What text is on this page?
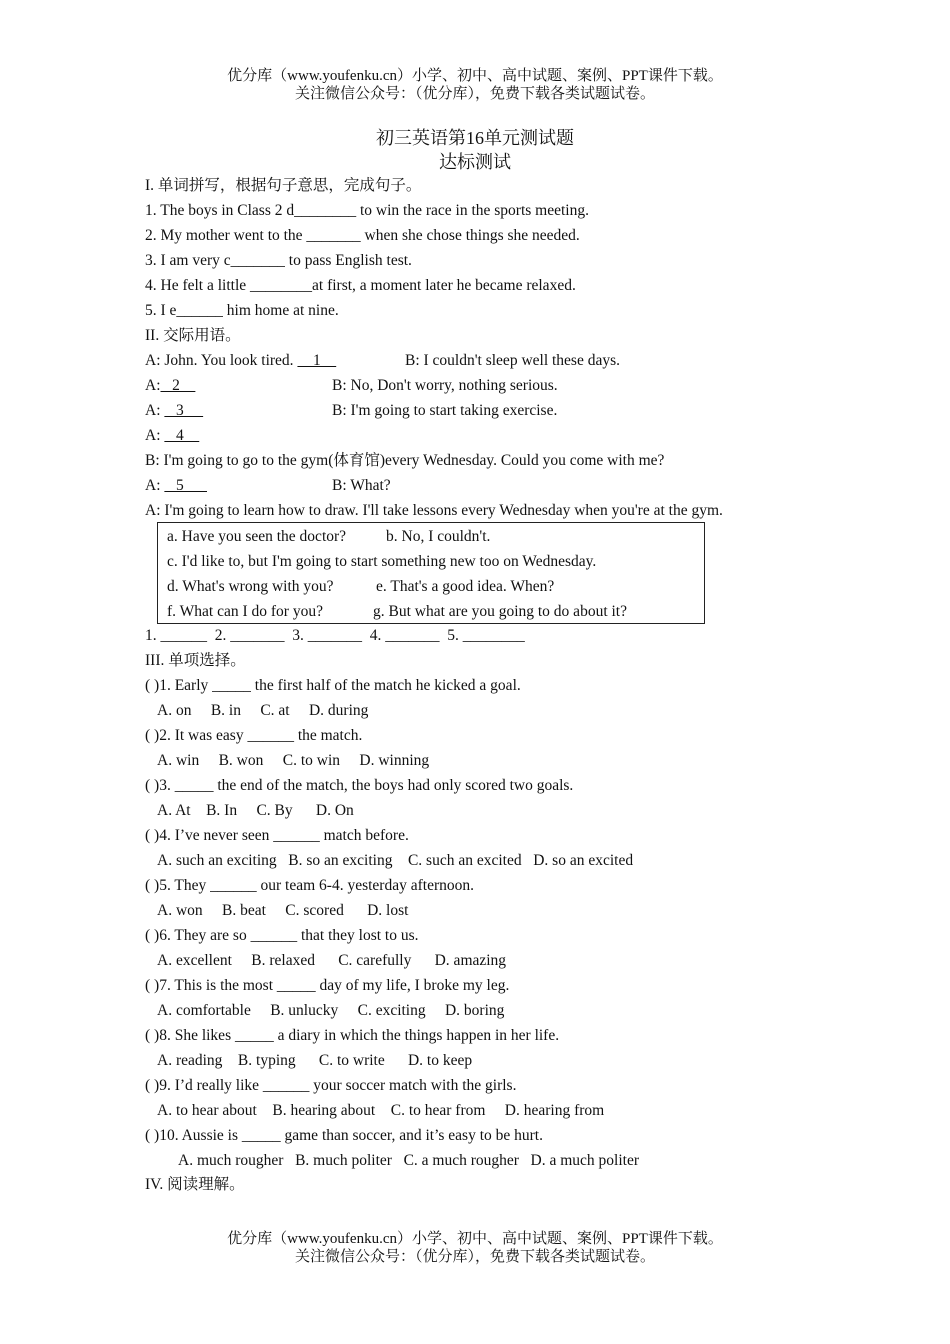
优分库（www.youfenku.cn）小学、初中、高中试题、案例、PPT课件下载。
关注微信公众号：（优分库），免费下载各类试题试卷。
初三英语第16单元测试题
达标测试
I. 单词拼写，根据句子意思，完成句子。
1. The boys in Class 2 d________ to win the race in the sports meeting.
2. My mother went to the _______ when she chose things she needed.
3. I am very c_______ to pass English test.
4. He felt a little ________at first, a moment later he became relaxed.
5. I e______ him home at nine.
II. 交际用语。
A: John. You look tired.     1	B: I couldn't sleep well these days.
A:   2	B: No, Don't worry, nothing serious.
A:    3	B: I'm going to start taking exercise.
A:    4
B: I'm going to go to the gym(体育馆)every Wednesday. Could you come with me?
A:    5	B: What?
A: I'm going to learn how to draw. I'll take lessons every Wednesday when you're at the gym.
a. Have you seen the doctor?	b. No, I couldn't.
c. I'd like to, but I'm going to start something new too on Wednesday.
d. What's wrong with you?	e. That's a good idea. When?
f. What can I do for you?	g. But what are you going to do about it?
1. ______  2. _______  3. _______  4. _______  5. ________
III. 单项选择。
( )1. Early _____ the first half of the match he kicked a goal.
A. on     B. in     C. at     D. during
( )2. It was easy ______ the match.
A. win     B. won     C. to win     D. winning
( )3. _____ the end of the match, the boys had only scored two goals.
A. At    B. In     C. By      D. On
( )4. I’ve never seen ______ match before.
A. such an exciting   B. so an exciting    C. such an excited   D. so an excited
( )5. They ______ our team 6-4. yesterday afternoon.
A. won     B. beat     C. scored      D. lost
( )6. They are so ______ that they lost to us.
A. excellent     B. relaxed      C. carefully      D. amazing
( )7. This is the most _____ day of my life, I broke my leg.
A. comfortable     B. unlucky     C. exciting     D. boring
( )8. She likes _____ a diary in which the things happen in her life.
A. reading    B. typing      C. to write      D. to keep
( )9. I’d really like ______ your soccer match with the girls.
A. to hear about    B. hearing about    C. to hear from     D. hearing from
( )10. Aussie is _____ game than soccer, and it’s easy to be hurt.
A. much rougher   B. much politer   C. a much rougher   D. a much politer
IV. 阅读理解。
优分库（www.youfenku.cn）小学、初中、高中试题、案例、PPT课件下载。
关注微信公众号：（优分库），免费下载各类试题试卷。
